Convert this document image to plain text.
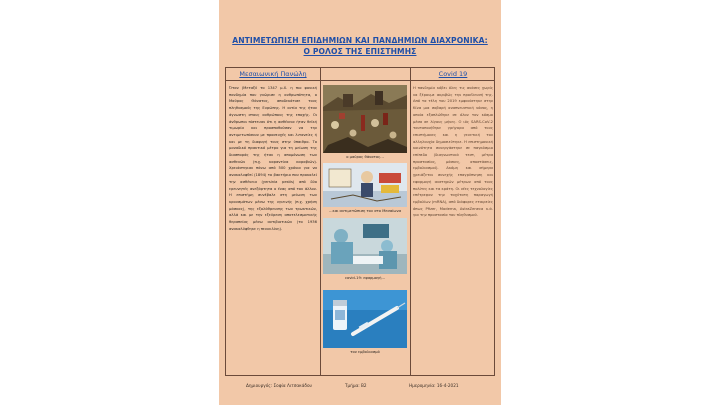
ΑΝΤΙΜΕΤΩΠΙΣΗ ΕΠΙΔΗΜΙΩΝ ΚΑΙ ΠΑΝΔΗΜΙΩΝ ΔΙΑΧΡΟΝΙΚΑ:
Ο ΡΟΛΟΣ ΤΗΣ ΕΠΙΣΤΗΜΗΣ
Μεσαιωνική Πανώλη	Covid 19
Όταν (Μεταξύ το 1347 μ.Χ. η πιο φονική πανδημία που γνώρισε η ανθρωπότητα, ο Μαύρος Θάνατος, αποδεκάτισε τους πληθυσμούς της Ευρώπης. Η αιτία της ήταν άγνωστη στους ανθρώπους της εποχής. Οι άνθρωποι πίστευαν ότι η ασθένεια ήταν θεϊκή τιμωρία και προσπαθούσαν να την αντιμετωπίσουν με προσευχές και λιτανείες ή και με τη διαφυγή τους στην ύπαιθρο. Το μοναδικό πρακτικό μέτρο για τη μείωση της διασποράς της ήταν η απομόνωση των ασθενών (π.χ. καραντίνα καραβιών). Χρειάστηκαν πάνω από 500 χρόνια για να ανακαλυφθεί (1894) το βακτήριο που προκαλεί την ασθένεια (yersinia pestis) από δύο ερευνητές ανεξάρτητα ο ένας από τον άλλον. Η επιστήμη συνέβαλε στη μείωση των κρουσμάτων μέσω της υγιεινής (π.χ. χρήση μάσκας), της εξολόθρευσης των τρωκτικών, αλλά και με την εξεύρεση αποτελεσματικής θεραπείας μέσω αντιβιοτικών (το 1936 ανακαλύφθηκε η πενικιλίνη).
Η πανδημία κόβει όλες τις ανάσες χωρίς να ξέρουμε ακριβώς την προέλευσή της. Από τα τέλη του 2019 εμφανίστηκε στην Κίνα μια σοβαρή αναπνευστική νόσος, η οποία εξαπλώθηκε σε όλον τον κόσμο μέσα σε λίγους μήνες. Ο ιός SARS-CoV-2 ταυτοποιήθηκε γρήγορα από τους επιστήμονες και η γενετική του αλληλουχία δημοσιεύτηκε. Η επιστημονική κοινότητα συνεργάστηκε σε παγκόσμιο επίπεδο (διαγνωστικά τεστ, μέτρα προστασίας, μάσκες, αποστάσεις, εμβολιασμοί). Ακόμη και σήμερα χρειάζεται συνεχής επαγρύπνηση και εφαρμογή αυστηρών μέτρων από τους πολίτες και τα κράτη. Οι νέες τεχνολογίες επέτρεψαν την ταχύτατη παραγωγή εμβολίων (mRNA), από διάφορες εταιρείες όπως Pfizer, Moderna, AstraZeneca κ.ά. για την προστασία του πληθυσμού.
ο μαύρος θάνατος...
...και αντιμετώπιση του στο Μεσαίωνα
covid-19: εφαρμογή...
τον εμβολιασμό
Δημιουργός: Σοφία Λιτσακάδου	Τμήμα: Β2	Ημερομηνία: 16-4-2021
